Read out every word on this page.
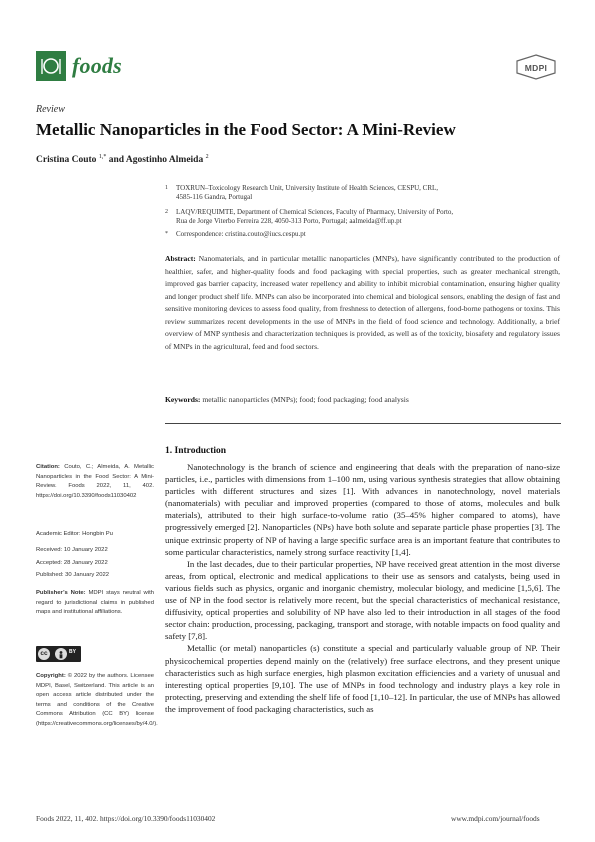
foods	MDPI
Review
Metallic Nanoparticles in the Food Sector: A Mini-Review
Cristina Couto $^{1,*}$ and Agostinho Almeida $^2$
1 TOXRUN–Toxicology Research Unit, University Institute of Health Sciences, CESPU, CRL,
4585-116 Gandra, Portugal
2 LAQV/REQUIMTE, Department of Chemical Sciences, Faculty of Pharmacy, University of Porto,
Rua de Jorge Viterbo Ferreira 228, 4050-313 Porto, Portugal; aalmeida@ff.up.pt
* Correspondence: cristina.couto@iucs.cespu.pt
Abstract: Nanomaterials, and in particular metallic nanoparticles (MNPs), have significantly contributed to the production of healthier, safer, and higher-quality foods and food packaging with special properties, such as greater mechanical strength, improved gas barrier capacity, increased water repellency and ability to inhibit microbial contamination, ensuring higher quality and longer product shelf life. MNPs can also be incorporated into chemical and biological sensors, enabling the design of fast and sensitive monitoring devices to assess food quality, from freshness to detection of allergens, food-borne pathogens or toxins. This review summarizes recent developments in the use of MNPs in the field of food science and technology. Additionally, a brief overview of MNP synthesis and characterization techniques is provided, as well as of the toxicity, biosafety and regulatory issues of MNPs in the agricultural, feed and food sectors.
Keywords: metallic nanoparticles (MNPs); food; food packaging; food analysis
1. Introduction

Nanotechnology is the branch of science and engineering that deals with the preparation of nano-size particles, i.e., particles with dimensions from 1–100 nm, using various synthesis strategies that allow obtaining particles with different structures and sizes [1]. With advances in nanotechnology, novel materials (nanomaterials) with peculiar and improved properties (compared to those of atoms, molecules and bulk materials), attributed to their high surface-to-volume ratio (35–45% higher compared to atoms), have progressively emerged [2]. Nanoparticles (NPs) have both solute and separate particle phase properties [3]. The unique extrinsic property of NP of having a large specific surface area is an important feature that contributes to some particular characteristics, namely strong surface reactivity [1,4].

In the last decades, due to their particular properties, NP have received great attention in the most diverse areas, from optical, electronic and medical applications to their use as sensors and catalysts, being used in various fields such as physics, organic and inorganic chemistry, molecular biology, and medicine [1,5,6]. The use of NP in the food sector is relatively more recent, but the special characteristics of mechanical resistance, diffusivity, optical properties and solubility of NP have also led to their introduction in all stages of the food sector chain: production, processing, packaging, transport and storage, with notable impacts on food quality and safety [7,8].

Metallic (or metal) nanoparticles (s) constitute a special and particularly valuable group of NP. Their physicochemical properties depend mainly on the (relatively) free surface electrons, and they present unique characteristics such as high surface energies, high plasmon excitation efficiencies and a variety of unusual and interesting optical properties [9,10]. The use of MNPs in food technology and industry plays a key role in protecting, preserving and extending the shelf life of food [1,10–12]. In particular, the use of MNPs has allowed the improvement of food packaging characteristics, such as

Citation: Couto, C.; Almeida, A. Metallic Nanoparticles in the Food Sector: A Mini-Review. Foods 2022, 11, 402. https://doi.org/10.3390/foods11030402

Academic Editor: Hongbin Pu
Received: 10 January 2022
Accepted: 28 January 2022
Published: 30 January 2022

Publisher’s Note: MDPI stays neutral with regard to jurisdictional claims in published maps and institutional affiliations.

cc	BY

Copyright: © 2022 by the authors. Licensee MDPI, Basel, Switzerland. This article is an open access article distributed under the terms and conditions of the Creative Commons Attribution (CC BY) license (https://creativecommons.org/licenses/by/4.0/).

Foods 2022, 11, 402. https://doi.org/10.3390/foods11030402	www.mdpi.com/journal/foods
